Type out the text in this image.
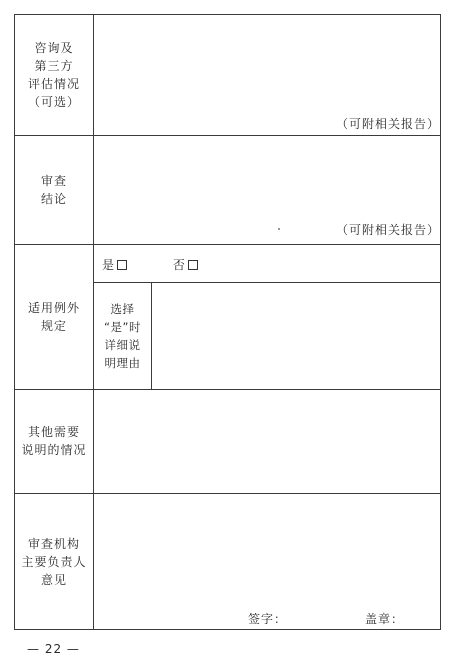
咨询及
第三方
评估情况
（可选）
（可附相关报告）
审查
结论
（可附相关报告）
适用例外
规定
是
	否
选择
“是”时
详细说
明理由
其他需要
说明的情况
审查机构
主要负责人
意见
签字：	盖章：
— 22 —
